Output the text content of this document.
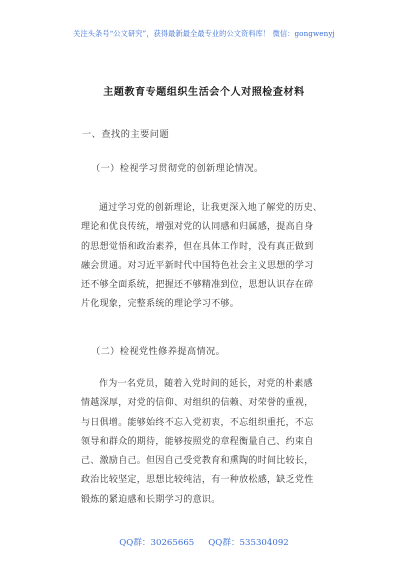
关注头条号“公文研究”，获得最新最全最专业的公文资料库！ 微信：gongwenyj
主题教育专题组织生活会个人对照检查材料
一、查找的主要问题
（一）检视学习贯彻党的创新理论情况。
通过学习党的创新理论，让我更深入地了解党的历史、
理论和优良传统，增强对党的认同感和归属感，提高自身
的思想觉悟和政治素养，但在具体工作时，没有真正做到
融会贯通。对习近平新时代中国特色社会主义思想的学习
还不够全面系统，把握还不够精准到位，思想认识存在碎
片化现象，完整系统的理论学习不够。
（二）检视党性修养提高情况。
作为一名党员，随着入党时间的延长，对党的朴素感
情越深厚，对党的信仰、对组织的信赖、对荣誉的重视，
与日俱增。能够始终不忘入党初衷，不忘组织重托，不忘
领导和群众的期待，能够按照党的章程衡量自己、约束自
己、激励自己。但因自己受党教育和熏陶的时间比较长，
政治比较坚定，思想比较纯洁，有一种放松感，缺乏党性
锻炼的紧迫感和长期学习的意识。
QQ群：30265665 QQ群：535304092
